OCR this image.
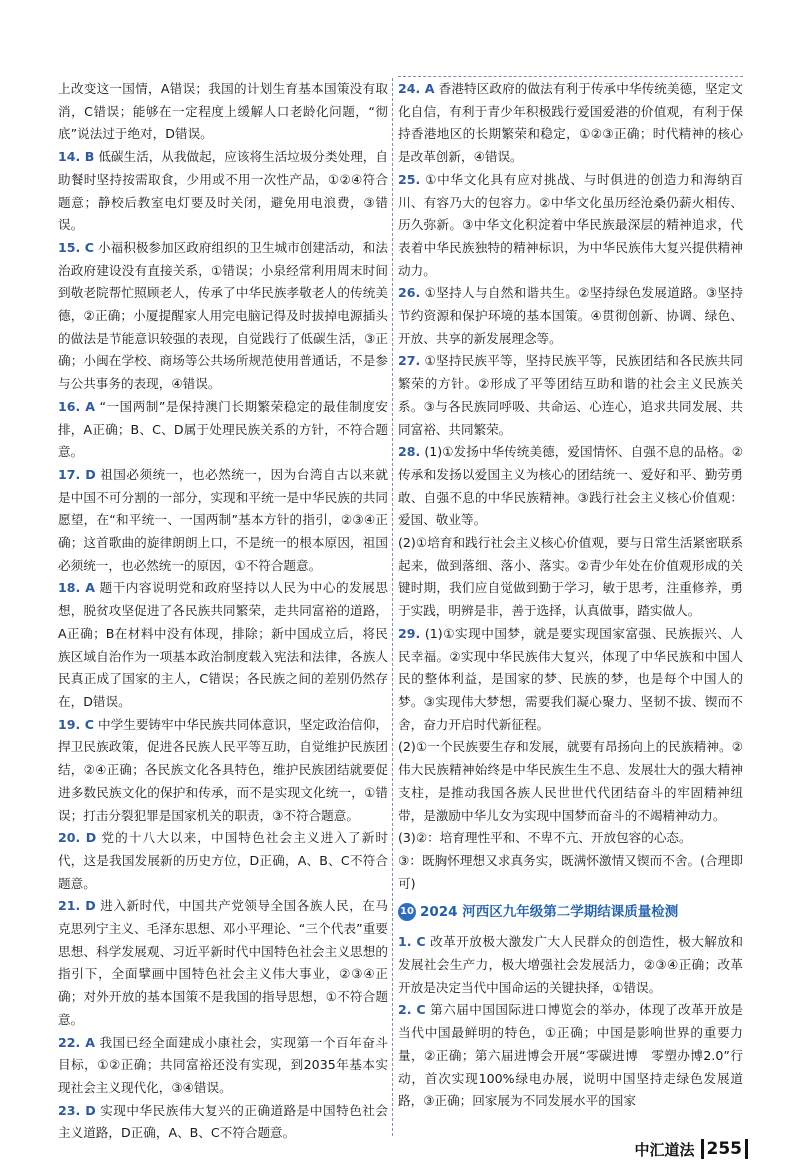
上改变这一国情，A错误；我国的计划生育基本国策没有取消，C错误；能够在一定程度上缓解人口老龄化问题，“彻底”说法过于绝对，D错误。

14. B 低碳生活，从我做起，应该将生活垃圾分类处理，自助餐时坚持按需取食，少用或不用一次性产品，①②④符合题意；静校后教室电灯要及时关闭，避免用电浪费，③错误。

15. C 小福积极参加区政府组织的卫生城市创建活动，和法治政府建设没有直接关系，①错误；小泉经常利用周末时间到敬老院帮忙照顾老人，传承了中华民族孝敬老人的传统美德，②正确；小厦提醒家人用完电脑记得及时拔掉电源插头的做法是节能意识较强的表现，自觉践行了低碳生活，③正确；小闽在学校、商场等公共场所规范使用普通话，不是参与公共事务的表现，④错误。

16. A “一国两制”是保持澳门长期繁荣稳定的最佳制度安排，A正确；B、C、D属于处理民族关系的方针，不符合题意。

17. D 祖国必须统一，也必然统一，因为台湾自古以来就是中国不可分割的一部分，实现和平统一是中华民族的共同愿望，在“和平统一、一国两制”基本方针的指引，②③④正确；这首歌曲的旋律朗朗上口，不是统一的根本原因，祖国必须统一，也必然统一的原因，①不符合题意。

18. A 题干内容说明党和政府坚持以人民为中心的发展思想，脱贫攻坚促进了各民族共同繁荣，走共同富裕的道路，A正确；B在材料中没有体现，排除；新中国成立后，将民族区域自治作为一项基本政治制度载入宪法和法律，各族人民真正成了国家的主人，C错误；各民族之间的差别仍然存在，D错误。

19. C 中学生要铸牢中华民族共同体意识，坚定政治信仰，捍卫民族政策，促进各民族人民平等互助，自觉维护民族团结，②④正确；各民族文化各具特色，维护民族团结就要促进多数民族文化的保护和传承，而不是实现文化统一，①错误；打击分裂犯罪是国家机关的职责，③不符合题意。

20. D 党的十八大以来，中国特色社会主义进入了新时代，这是我国发展新的历史方位，D正确，A、B、C不符合题意。

21. D 进入新时代，中国共产党领导全国各族人民，在马克思列宁主义、毛泽东思想、邓小平理论、“三个代表”重要思想、科学发展观、习近平新时代中国特色社会主义思想的指引下，全面擘画中国特色社会主义伟大事业，②③④正确；对外开放的基本国策不是我国的指导思想，①不符合题意。

22. A 我国已经全面建成小康社会，实现第一个百年奋斗目标，①②正确；共同富裕还没有实现，到2035年基本实现社会主义现代化，③④错误。

23. D 实现中华民族伟大复兴的正确道路是中国特色社会主义道路，D正确，A、B、C不符合题意。

24. A 香港特区政府的做法有利于传承中华传统美德，坚定文化自信，有利于青少年积极践行爱国爱港的价值观，有利于保持香港地区的长期繁荣和稳定，①②③正确；时代精神的核心是改革创新，④错误。

25. ①中华文化具有应对挑战、与时俱进的创造力和海纳百川、有容乃大的包容力。②中华文化虽历经沧桑仍薪火相传、历久弥新。③中华文化积淀着中华民族最深层的精神追求，代表着中华民族独特的精神标识，为中华民族伟大复兴提供精神动力。

26. ①坚持人与自然和谐共生。②坚持绿色发展道路。③坚持节约资源和保护环境的基本国策。④贯彻创新、协调、绿色、开放、共享的新发展理念等。

27. ①坚持民族平等，坚持民族平等，民族团结和各民族共同繁荣的方针。②形成了平等团结互助和谐的社会主义民族关系。③与各民族同呼吸、共命运、心连心，追求共同发展、共同富裕、共同繁荣。

28. (1)①发扬中华传统美德，爱国情怀、自强不息的品格。②传承和发扬以爱国主义为核心的团结统一、爱好和平、勤劳勇敢、自强不息的中华民族精神。③践行社会主义核心价值观：爱国、敬业等。

(2)①培育和践行社会主义核心价值观，要与日常生活紧密联系起来，做到落细、落小、落实。②青少年处在价值观形成的关键时期，我们应自觉做到勤于学习，敏于思考，注重修养，勇于实践，明辨是非，善于选择，认真做事，踏实做人。

29. (1)①实现中国梦，就是要实现国家富强、民族振兴、人民幸福。②实现中华民族伟大复兴，体现了中华民族和中国人民的整体利益，是国家的梦、民族的梦，也是每个中国人的梦。③实现伟大梦想，需要我们凝心聚力、坚韧不拔、锲而不舍，奋力开启时代新征程。

(2)①一个民族要生存和发展，就要有昂扬向上的民族精神。②伟大民族精神始终是中华民族生生不息、发展壮大的强大精神支柱，是推动我国各族人民世世代代团结奋斗的牢固精神纽带，是激励中华儿女为实现中国梦而奋斗的不竭精神动力。

(3)②：培育理性平和、不卑不亢、开放包容的心态。

③：既胸怀理想又求真务实，既满怀激情又锲而不舍。(合理即可)

10 2024 河西区九年级第二学期结课质量检测

1. C 改革开放极大激发广大人民群众的创造性，极大解放和发展社会生产力，极大增强社会发展活力，②③④正确；改革开放是决定当代中国命运的关键抉择，①错误。

2. C 第六届中国国际进口博览会的举办，体现了改革开放是当代中国最鲜明的特色，①正确；中国是影响世界的重要力量，②正确；第六届进博会开展“零碳进博　零塑办博2.0”行动，首次实现100%绿电办展，说明中国坚持走绿色发展道路，③正确；回家展为不同发展水平的国家

中汇道法 255
